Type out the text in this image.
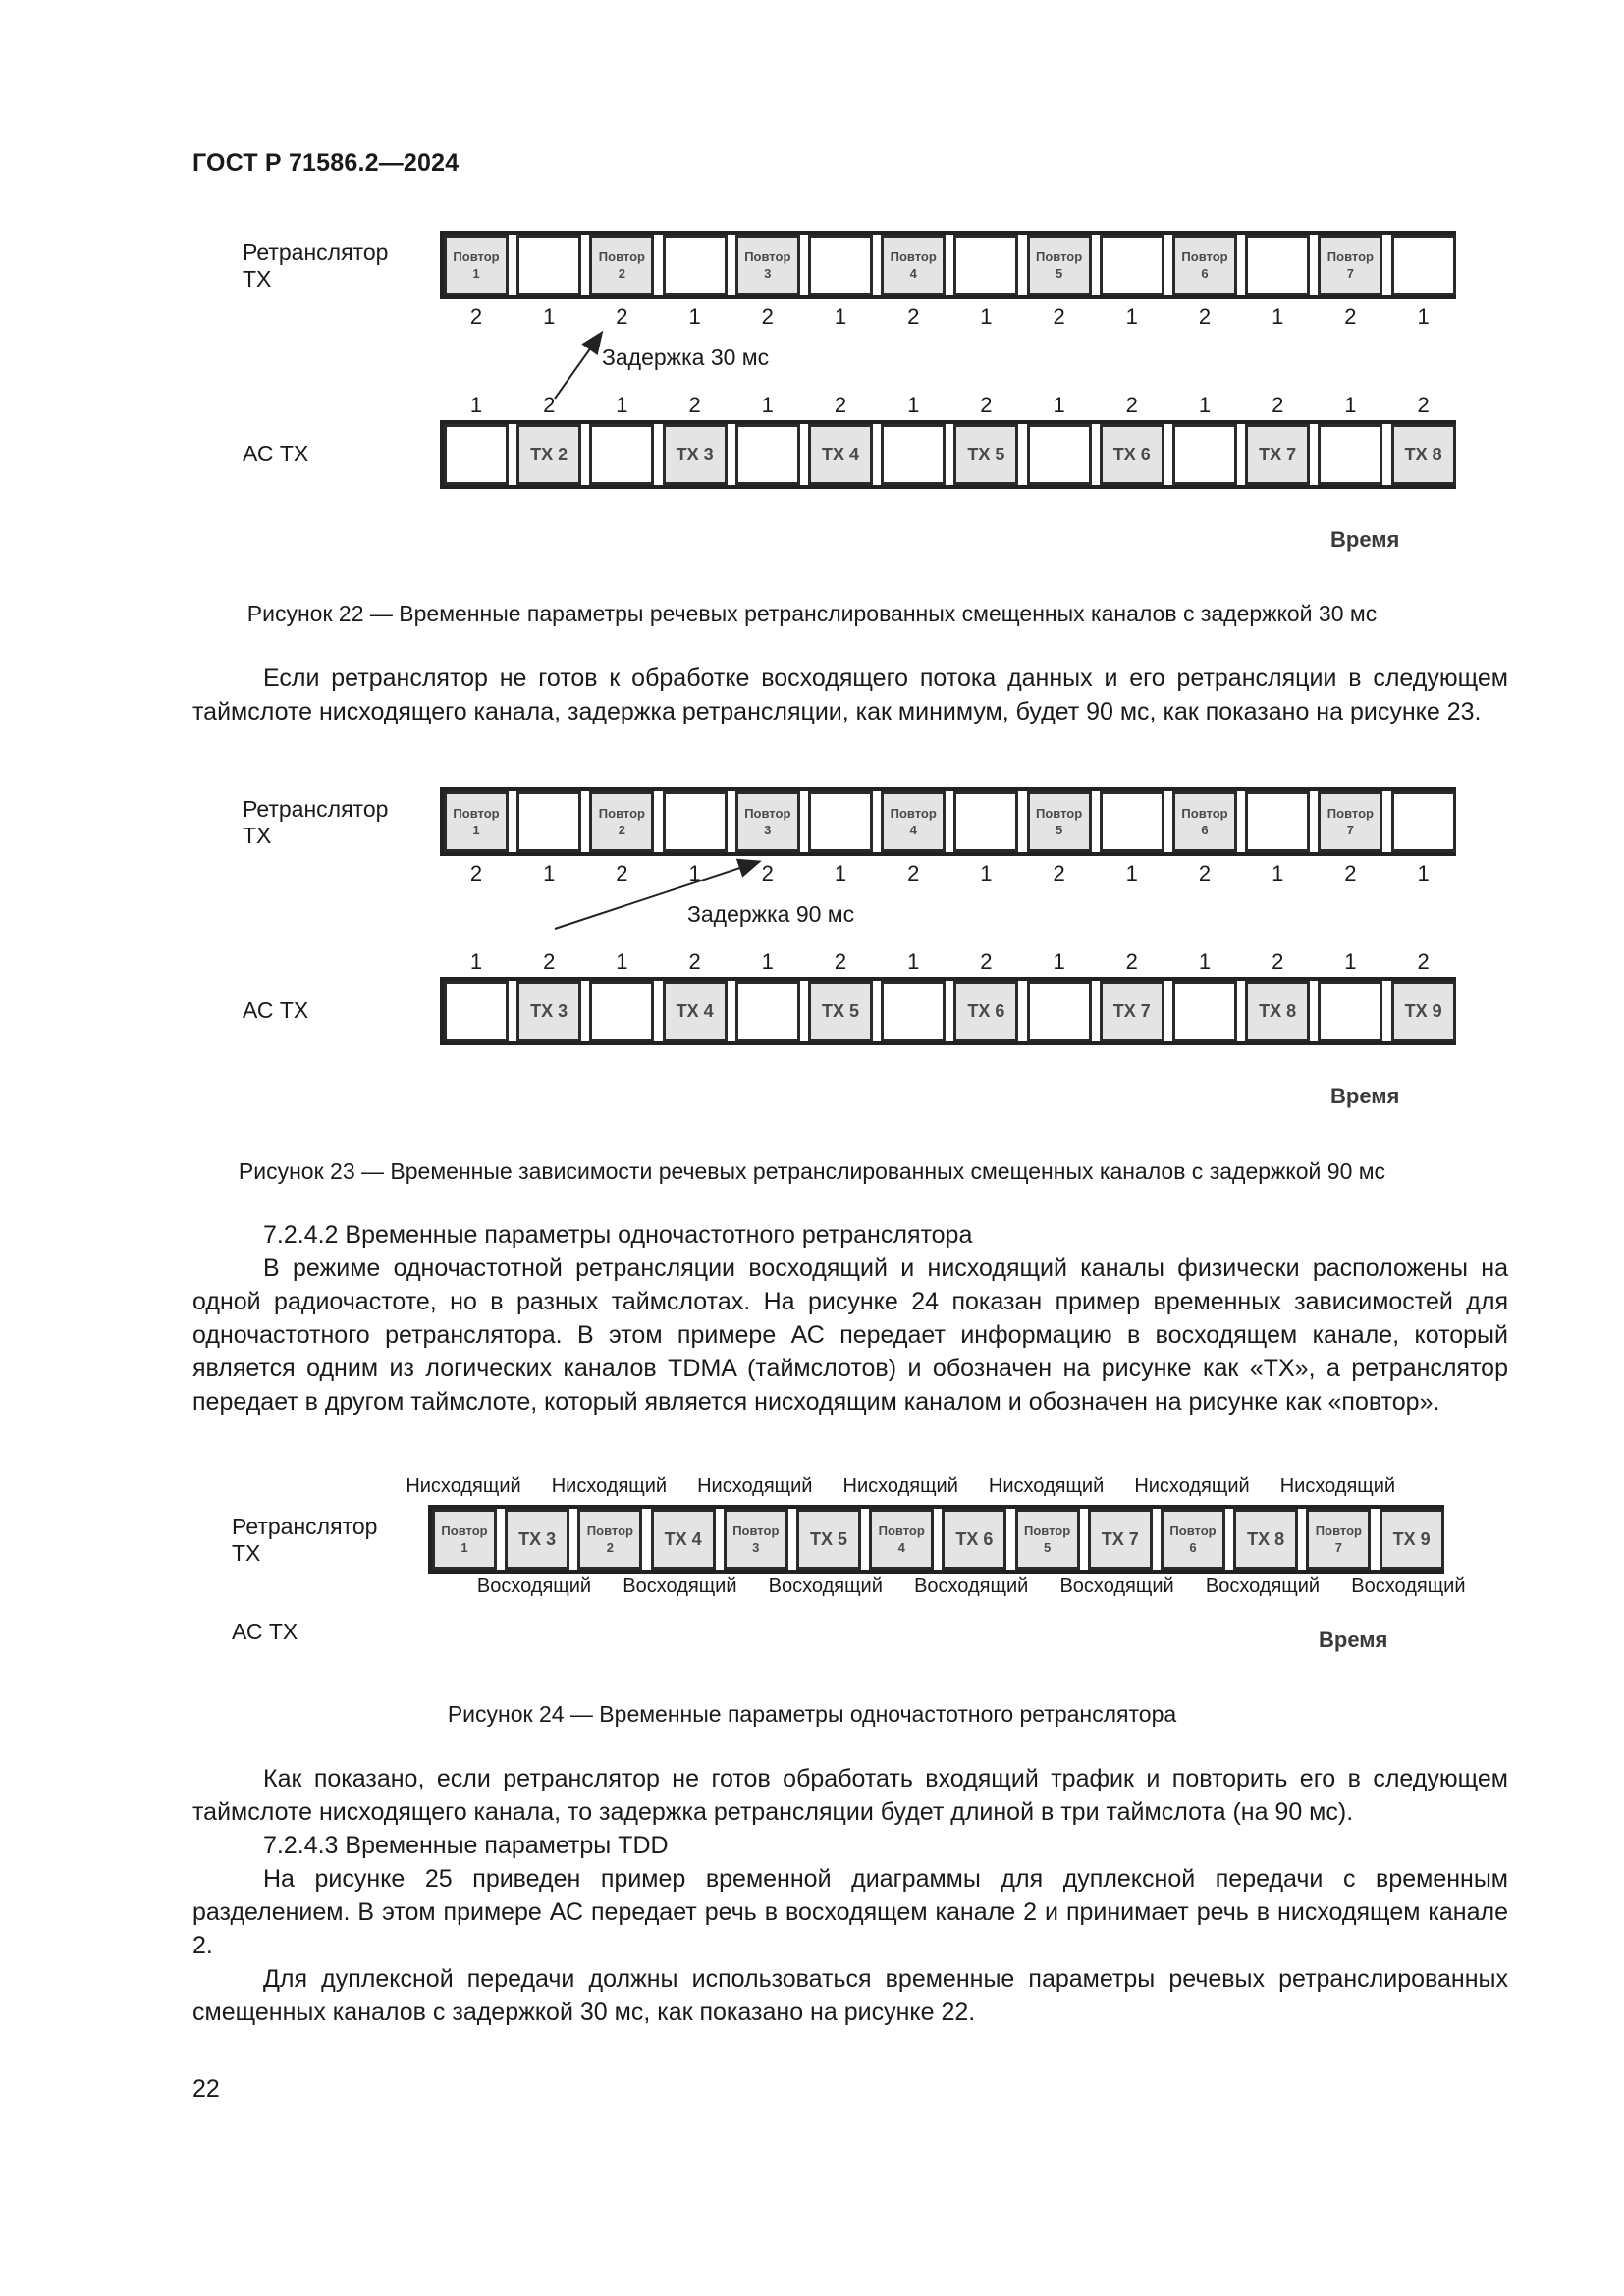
ГОСТ Р 71586.2—2024
Ретранслятор
TX
АС TX
Повтор
1
Повтор
2
Повтор
3
Повтор
4
Повтор
5
Повтор
6
Повтор
7
2	1	2	1	2	1	2	1	2	1	2	1	2	1
Задержка 30 мс
1	2	1	2	1	2	1	2	1	2	1	2	1	2
TX 2	TX 3	TX 4	TX 5	TX 6	TX 7	TX 8
Время
Рисунок 22 — Временные параметры речевых ретранслированных смещенных каналов с задержкой 30 мс

Если ретранслятор не готов к обработке восходящего потока данных и его ретрансляции в следующем таймслоте нисходящего канала, задержка ретрансляции, как минимум, будет 90 мс, как показано на рисунке 23.

Ретранслятор
TX
АС TX
Повтор
1
Повтор
2
Повтор
3
Повтор
4
Повтор
5
Повтор
6
Повтор
7
2	1	2	1	2	1	2	1	2	1	2	1	2	1
Задержка 90 мс
1	2	1	2	1	2	1	2	1	2	1	2	1	2
TX 3	TX 4	TX 5	TX 6	TX 7	TX 8	TX 9
Время
Рисунок 23 — Временные зависимости речевых ретранслированных смещенных каналов с задержкой 90 мс

7.2.4.2 Временные параметры одночастотного ретранслятора

В режиме одночастотной ретрансляции восходящий и нисходящий каналы физически расположены на одной радиочастоте, но в разных таймслотах. На рисунке 24 показан пример временных зависимостей для одночастотного ретранслятора. В этом примере АС передает информацию в восходящем канале, который является одним из логических каналов TDMA (таймслотов) и обозначен на рисунке как «TX», а ретранслятор передает в другом таймслоте, который является нисходящим каналом и обозначен на рисунке как «повтор».

Нисходящий	Нисходящий	Нисходящий	Нисходящий	Нисходящий	Нисходящий	Нисходящий
Ретранслятор
TX
Повтор
1	TX 3	Повтор
2	TX 4	Повтор
3	TX 5	Повтор
4	TX 6	Повтор
5	TX 7	Повтор
6	TX 8	Повтор
7	TX 9
Восходящий	Восходящий	Восходящий	Восходящий	Восходящий	Восходящий	Восходящий
АС TX	Время
Рисунок 24 — Временные параметры одночастотного ретранслятора

Как показано, если ретранслятор не готов обработать входящий трафик и повторить его в следующем таймслоте нисходящего канала, то задержка ретрансляции будет длиной в три таймслота (на 90 мс).

7.2.4.3 Временные параметры TDD

На рисунке 25 приведен пример временной диаграммы для дуплексной передачи с временным разделением. В этом примере АС передает речь в восходящем канале 2 и принимает речь в нисходящем канале 2.

Для дуплексной передачи должны использоваться временные параметры речевых ретранслированных смещенных каналов с задержкой 30 мс, как показано на рисунке 22.

22
